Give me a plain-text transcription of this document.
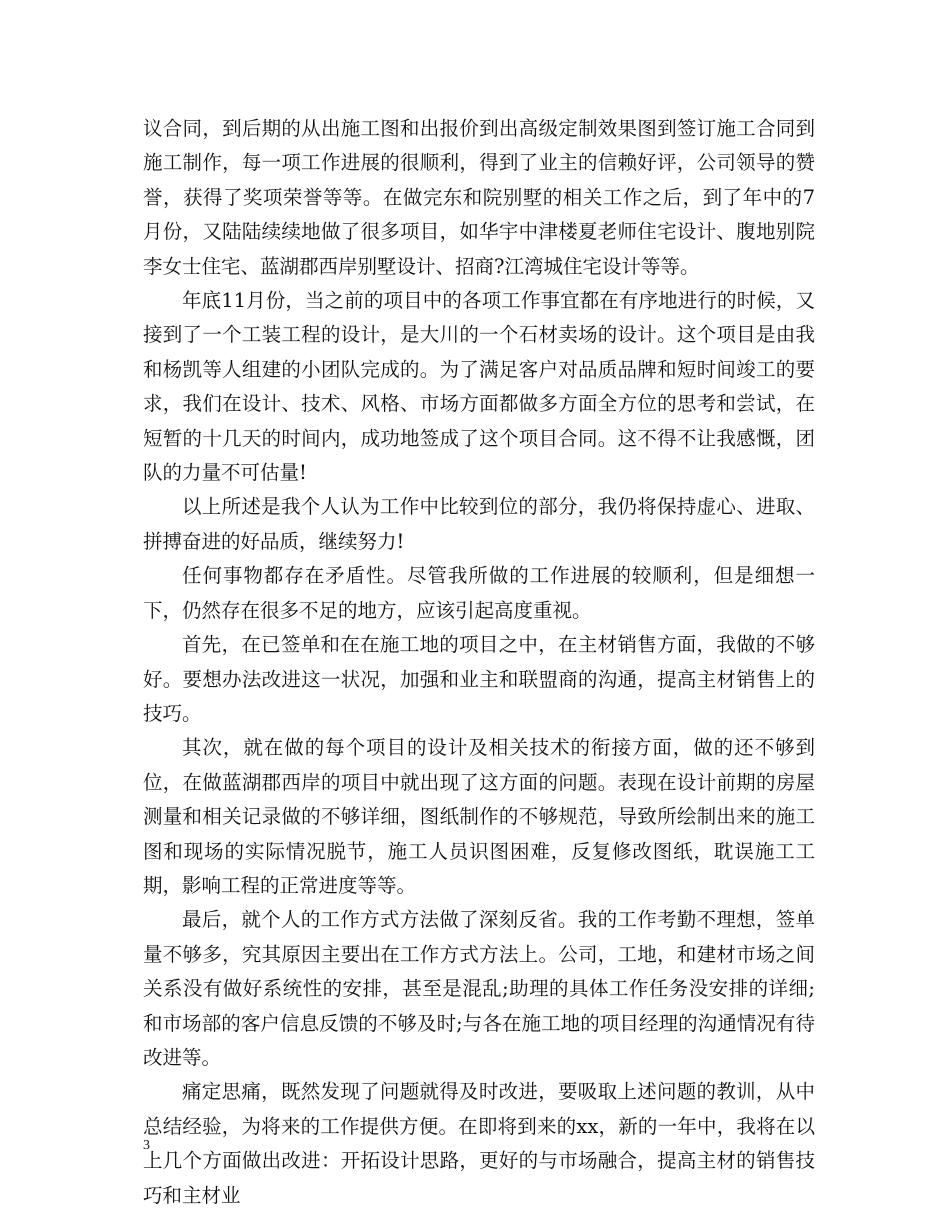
议合同，到后期的从出施工图和出报价到出高级定制效果图到签订施工合同到施工制作，每一项工作进展的很顺利，得到了业主的信赖好评，公司领导的赞誉，获得了奖项荣誉等等。在做完东和院别墅的相关工作之后，到了年中的7月份，又陆陆续续地做了很多项目，如华宇中津楼夏老师住宅设计、腹地别院李女士住宅、蓝湖郡西岸别墅设计、招商?江湾城住宅设计等等。

年底11月份，当之前的项目中的各项工作事宜都在有序地进行的时候，又接到了一个工装工程的设计，是大川的一个石材卖场的设计。这个项目是由我和杨凯等人组建的小团队完成的。为了满足客户对品质品牌和短时间竣工的要求，我们在设计、技术、风格、市场方面都做多方面全方位的思考和尝试，在短暂的十几天的时间内，成功地签成了这个项目合同。这不得不让我感慨，团队的力量不可估量!

以上所述是我个人认为工作中比较到位的部分，我仍将保持虚心、进取、拼搏奋进的好品质，继续努力!

任何事物都存在矛盾性。尽管我所做的工作进展的较顺利，但是细想一下，仍然存在很多不足的地方，应该引起高度重视。

首先，在已签单和在在施工地的项目之中，在主材销售方面，我做的不够好。要想办法改进这一状况，加强和业主和联盟商的沟通，提高主材销售上的技巧。

其次，就在做的每个项目的设计及相关技术的衔接方面，做的还不够到位，在做蓝湖郡西岸的项目中就出现了这方面的问题。表现在设计前期的房屋测量和相关记录做的不够详细，图纸制作的不够规范，导致所绘制出来的施工图和现场的实际情况脱节，施工人员识图困难，反复修改图纸，耽误施工工期，影响工程的正常进度等等。

最后，就个人的工作方式方法做了深刻反省。我的工作考勤不理想，签单量不够多，究其原因主要出在工作方式方法上。公司，工地，和建材市场之间关系没有做好系统性的安排，甚至是混乱;助理的具体工作任务没安排的详细;和市场部的客户信息反馈的不够及时;与各在施工地的项目经理的沟通情况有待改进等。

痛定思痛，既然发现了问题就得及时改进，要吸取上述问题的教训，从中总结经验，为将来的工作提供方便。在即将到来的xx，新的一年中，我将在以上几个方面做出改进：开拓设计思路，更好的与市场融合，提高主材的销售技巧和主材业

3
